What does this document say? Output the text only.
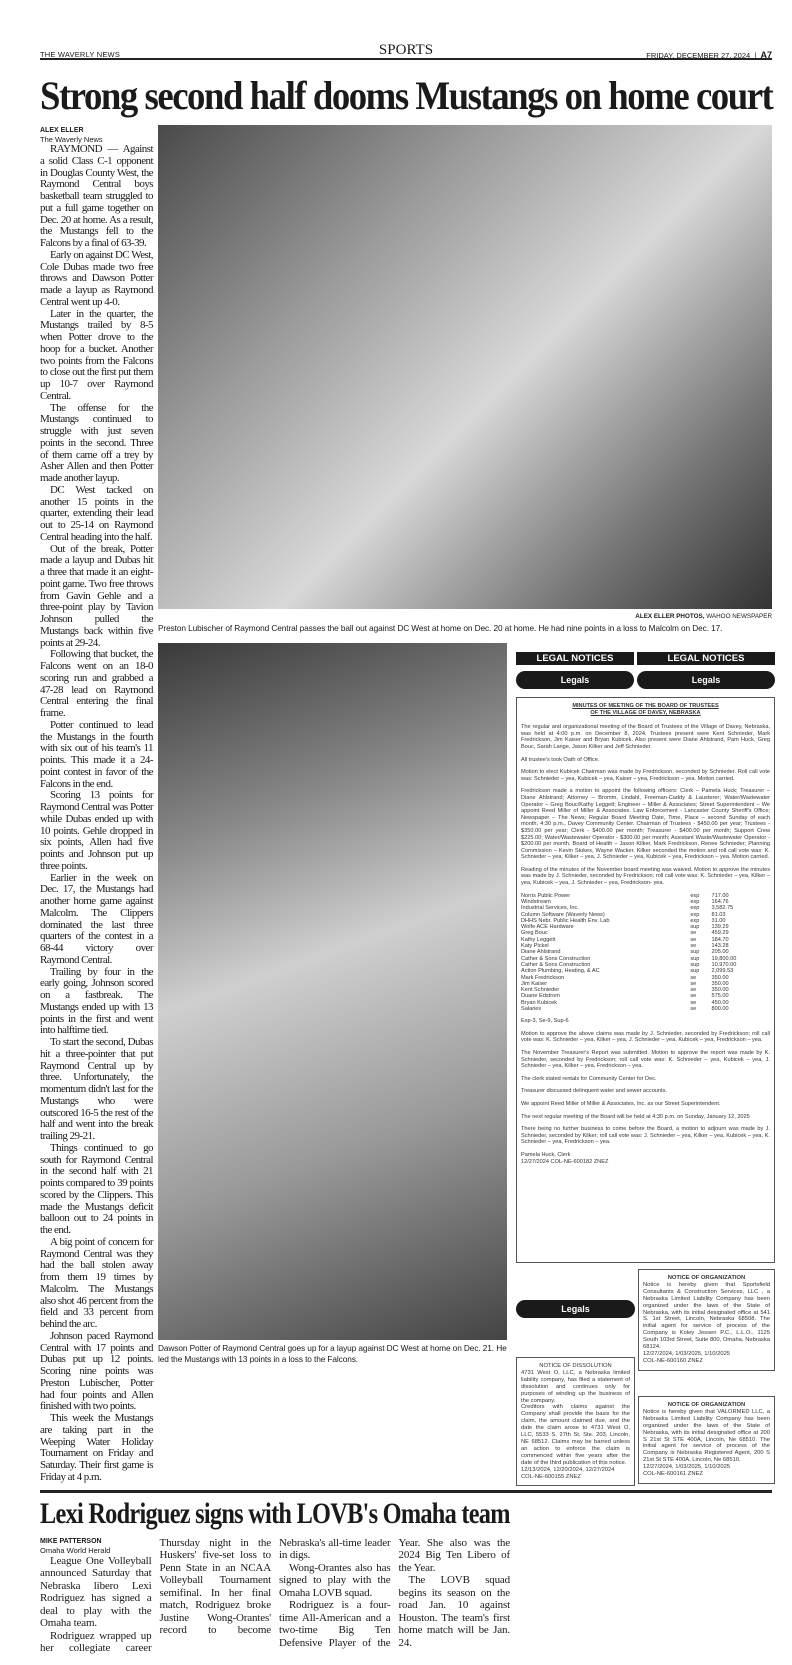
THE WAVERLY NEWS	SPORTS	FRIDAY, DECEMBER 27, 2024  |  A7
Strong second half dooms Mustangs on home court
ALEX ELLER
The Waverly News

RAYMOND — Against a solid Class C-1 opponent in Douglas County West, the Raymond Central boys basketball team struggled to put a full game together on Dec. 20 at home. As a result, the Mustangs fell to the Falcons by a final of 63-39.

Early on against DC West, Cole Dubas made two free throws and Dawson Potter made a layup as Raymond Central went up 4-0.

Later in the quarter, the Mustangs trailed by 8-5 when Potter drove to the hoop for a bucket. Another two points from the Falcons to close out the first put them up 10-7 over Raymond Central.

The offense for the Mustangs continued to struggle with just seven points in the second. Three of them came off a trey by Asher Allen and then Potter made another layup.

DC West tacked on another 15 points in the quarter, extending their lead out to 25-14 on Raymond Central heading into the half.

Out of the break, Potter made a layup and Dubas hit a three that made it an eight-point game. Two free throws from Gavin Gehle and a three-point play by Tavion Johnson pulled the Mustangs back within five points at 29-24.

Following that bucket, the Falcons went on an 18-0 scoring run and grabbed a 47-28 lead on Raymond Central entering the final frame.

Potter continued to lead the Mustangs in the fourth with six out of his team's 11 points. This made it a 24-point contest in favor of the Falcons in the end.

Scoring 13 points for Raymond Central was Potter while Dubas ended up with 10 points. Gehle dropped in six points, Allen had five points and Johnson put up three points.

Earlier in the week on Dec. 17, the Mustangs had another home game against Malcolm. The Clippers dominated the last three quarters of the contest in a 68-44 victory over Raymond Central.

Trailing by four in the early going, Johnson scored on a fastbreak. The Mustangs ended up with 13 points in the first and went into halftime tied.

To start the second, Dubas hit a three-pointer that put Raymond Central up by three. Unfortunately, the momentum didn't last for the Mustangs who were outscored 16-5 the rest of the half and went into the break trailing 29-21.

Things continued to go south for Raymond Central in the second half with 21 points compared to 39 points scored by the Clippers. This made the Mustangs deficit balloon out to 24 points in the end.

A big point of concern for Raymond Central was they had the ball stolen away from them 19 times by Malcolm. The Mustangs also shot 46 percent from the field and 33 percent from behind the arc.

Johnson paced Raymond Central with 17 points and Dubas put up 12 points. Scoring nine points was Preston Lubischer, Potter had four points and Allen finished with two points.

This week the Mustangs are taking part in the Weeping Water Holiday Tournament on Friday and Saturday. Their first game is Friday at 4 p.m.

ALEX ELLER PHOTOS, WAHOO NEWSPAPER
Preston Lubischer of Raymond Central passes the ball out against DC West at home on Dec. 20 at home. He had nine points in a loss to Malcolm on Dec. 17.
Dawson Potter of Raymond Central goes up for a layup against DC West at home on Dec. 21. He led the Mustangs with 13 points in a loss to the Falcons.
LEGAL NOTICES	LEGAL NOTICES
Legals	Legals
MINUTES OF MEETING OF THE BOARD OF TRUSTEES
OF THE VILLAGE OF DAVEY, NEBRASKA

The regular and organizational meeting of the Board of Trustees of the Village of Davey, Nebraska, was held at 4:00 p.m. on December 8, 2024. Trustees present were Kent Schnieder, Mark Fredrickson, Jim Kaiser and Bryan Kubicek. Also present were Diane Ahlstrand, Pam Huck, Greg Bouc, Sarah Lange, Jason Kilker and Jeff Schnieder.

All trustee's took Oath of Office.

Motion to elect Kubicek Chairman was made by Fredrickson, seconded by Schnieder. Roll call vote was: Schnieder – yea, Kubicek – yea, Kaiser – yea, Fredrickson – yea. Motion carried.

Fredrickson made a motion to appoint the following officers: Clerk – Pamela Huck; Treasurer – Diane Ahlstrand; Attorney – Bromm, Lindahl, Freeman-Caddy & Lausterer; Water/Wastewater Operator – Greg Bouc/Kathy Leggett; Engineer – Miller & Associates; Street Superintendent – We appoint Reed Miller of Miller & Associates. Law Enforcement - Lancaster County Sheriff's Office; Newspaper – The News; Regular Board Meeting Date, Time, Place – second Sunday of each month, 4:30 p.m., Davey Community Center. Chairman of Trustees - $450.00 per year; Trustees - $350.00 per year; Clerk - $400.00 per month; Treasurer - $400.00 per month; Support Crew $225.00; Water/Wastewater Operator - $300.00 per month; Assistant Waste/Wastewater Operator - $200.00 per month. Board of Health – Jason Kilker, Mark Fredrickson, Renee Schnieder; Planning Commission – Kevin Stokes, Wayne Wacker. Kilker seconded the motion and roll call vote was: K. Schnieder – yea, Kilker – yea, J. Schnieder – yea, Kubicek – yea, Fredrickson – yea. Motion carried.

Reading of the minutes of the November board meeting was waived. Motion to approve the minutes was made by J. Schnieder, seconded by Fredrickson; roll call vote was: K. Schnieder – yea, Kilker – yea, Kubicek – yea, J. Schnieder – yea, Fredrickson- yea.

Norris Public Power	exp	717.00
Windstream	exp	164.76
Industrial Services, Inc.	exp	3,582.75
Column Software (Waverly News)	exp	81.03
DHHS Nebr. Public Health Env. Lab	exp	31.00
Wolfe ACE Hardware	sup	139.29
Greg Bouc	se	459.29
Kathy Leggett	se	184.70
Katy Pickel	se	143.28
Diane Ahlstrand	sup	205.00
Cather & Sons Construction	sup	19,800.00
Cather & Sons Construction	sup	10,970.00
Action Plumbing, Heating, & AC	sup	2,099.53
Mark Fredrickson	se	350.00
Jim Kaiser	se	350.00
Kent Schnieder	se	350.00
Duane Edstrom	se	575.00
Bryan Kubicek	se	450.00
Salaries	se	800.00

Exp-3, Se-9, Sup-6

Motion to approve the above claims was made by J. Schnieder, seconded by Fredrickson; roll call vote was: K. Schnieder – yea, Kilker – yea, J. Schnieder – yea, Kubicek – yea, Fredrickson – yea.

The November Treasurer's Report was submitted. Motion to approve the report was made by K. Schnieder, seconded by Fredrickson; roll call vote was: K. Schnieder – yea, Kubicek – yea, J. Schnieder – yea, Kilker – yea, Fredrickson – yea.

The clerk stated rentals for Community Center for Dec.

Treasurer discussed delinquent water and sewer accounts.

We appoint Reed Miller of Miller & Associates, Inc. as our Street Superintendent.

The next regular meeting of the Board will be held at 4:30 p.m. on Sunday, January 12, 2025

There being no further business to come before the Board, a motion to adjourn was made by J. Schnieder, seconded by Kilker; roll call vote was: J. Schnieder – yea, Kilker – yea, Kubicek – yea, K. Schnieder – yea, Fredrickson – yea.

Pamela Huck, Clerk
12/27/2024 COL-NE-600182 ZNEZ
Legals
NOTICE OF ORGANIZATION
Notice is hereby given that Sportsfield Consultants & Construction Services, LLC , a Nebraska Limited Liability Company has been organized under the laws of the State of Nebraska, with its initial designated office at 541 S. 1st Street, Lincoln, Nebraska 68508. The initial agent for service of process of the Company is Koley Jessen P.C., L.L.O., 1125 South 103rd Street, Suite 800, Omaha, Nebraska 68124.
12/27/2024, 1/03/2025, 1/10/2025
COL-NE-600160 ZNEZ
NOTICE OF ORGANIZATION
Notice is hereby given that VALORMED LLC, a Nebraska Limited Liability Company has been organized under the laws of the State of Nebraska, with its initial designated office at 200 S 21st St STE 400A, Lincoln, Ne 68510. The initial agent for service of process of the Company is Nebraska Registered Agent, 200 S 21st St STE 400A, Lincoln, Ne 68510.
12/27/2024, 1/03/2025, 1/10/2025
COL-NE-600161 ZNEZ
NOTICE OF DISSOLUTION
4731 West O, LLC, a Nebraska limited liability company, has filed a statement of dissolution and continues only for purposes of winding up the business of the company.
Creditors with claims against the Company shall provide the basis for the claim, the amount claimed due, and the date the claim arose to 4731 West O, LLC, 5533 S. 27th St, Ste. 203, Lincoln, NE 68512. Claims may be barred unless an action to enforce the claim is commenced within five years after the date of the third publication of this notice.
12/13/2024, 12/20/2024, 12/27/2024
COL-NE-600155 ZNEZ
Lexi Rodriguez signs with LOVB's Omaha team
MIKE PATTERSON
Omaha World Herald

League One Volleyball announced Saturday that Nebraska libero Lexi Rodriguez has signed a deal to play with the Omaha team.

Rodriguez wrapped up her collegiate career Thursday night in the Huskers' five-set loss to Penn State in an NCAA Volleyball Tournament semifinal. In her final match, Rodriguez broke Justine Wong-Orantes' record to become Nebraska's all-time leader in digs.

Wong-Orantes also has signed to play with the Omaha LOVB squad.

Rodriguez is a four-time All-American and a two-time Big Ten Defensive Player of the Year. She also was the 2024 Big Ten Libero of the Year.

The LOVB squad begins its season on the road Jan. 10 against Houston. The team's first home match will be Jan. 24.
